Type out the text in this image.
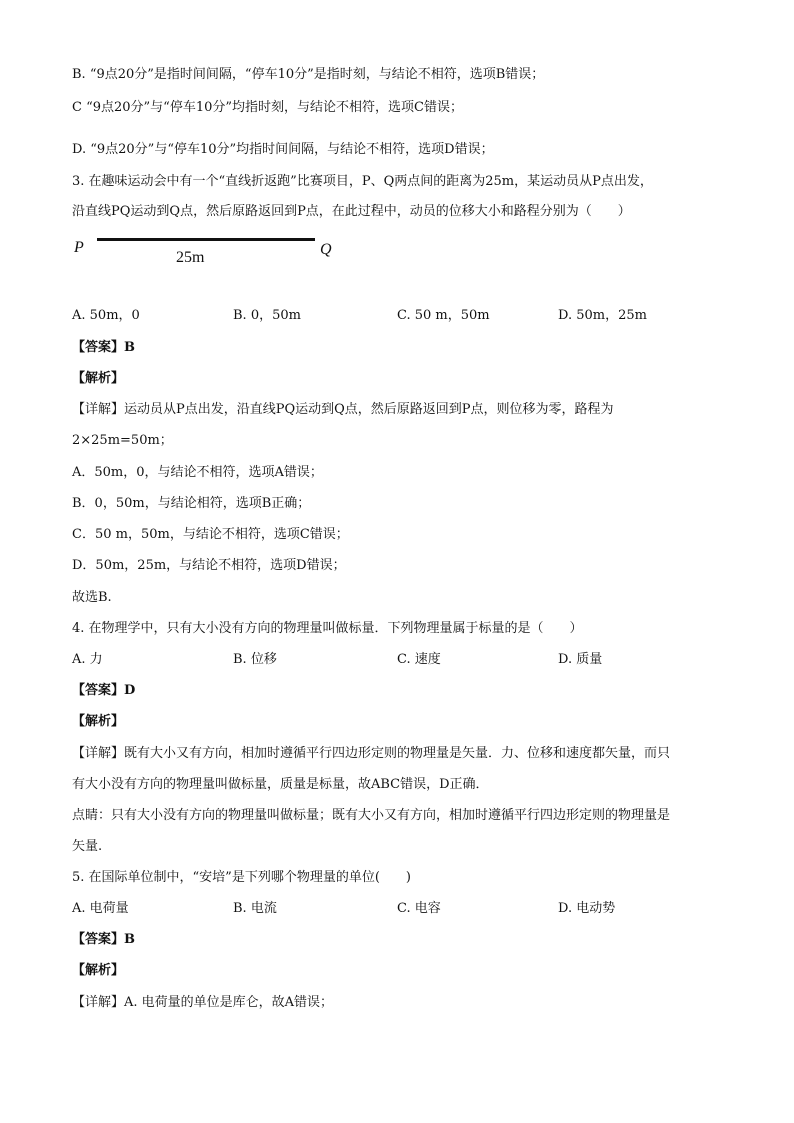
B. “9点20分”是指时间间隔，“停车10分”是指时刻，与结论不相符，选项B错误；
C “9点20分”与“停车10分”均指时刻，与结论不相符，选项C错误；
D. “9点20分”与“停车10分”均指时间间隔，与结论不相符，选项D错误；
3. 在趣味运动会中有一个“直线折返跑”比赛项目，P、Q两点间的距离为25m，某运动员从P点出发，
沿直线PQ运动到Q点，然后原路返回到P点，在此过程中，动员的位移大小和路程分别为（　　）
P
25m	Q
A. 50m，0	B. 0，50m	C. 50 m，50m	D. 50m，25m
【答案】B
【解析】
【详解】运动员从P点出发，沿直线PQ运动到Q点，然后原路返回到P点，则位移为零，路程为
2×25m=50m；
A．50m，0，与结论不相符，选项A错误；
B．0，50m，与结论相符，选项B正确；
C．50 m，50m，与结论不相符，选项C错误；
D．50m，25m，与结论不相符，选项D错误；
故选B.
4. 在物理学中，只有大小没有方向的物理量叫做标量．下列物理量属于标量的是（　　）
A. 力	B. 位移	C. 速度	D. 质量
【答案】D
【解析】
【详解】既有大小又有方向，相加时遵循平行四边形定则的物理量是矢量．力、位移和速度都矢量，而只
有大小没有方向的物理量叫做标量，质量是标量，故ABC错误，D正确．
点睛：只有大小没有方向的物理量叫做标量；既有大小又有方向，相加时遵循平行四边形定则的物理量是
矢量.
5. 在国际单位制中，“安培”是下列哪个物理量的单位(　　)
A. 电荷量	B. 电流	C. 电容	D. 电动势
【答案】B
【解析】
【详解】A. 电荷量的单位是库仑，故A错误；
